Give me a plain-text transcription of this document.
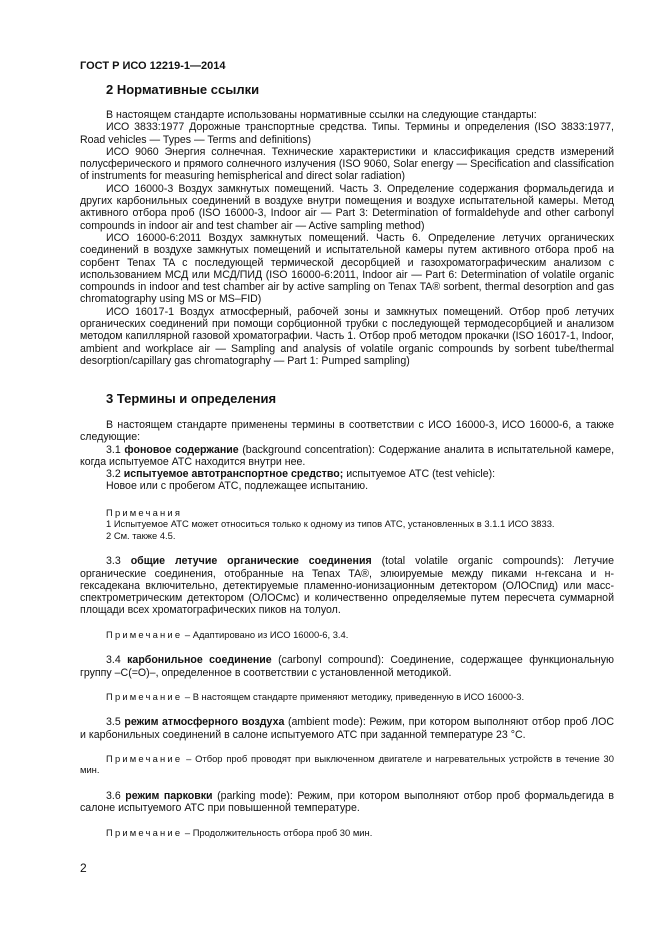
ГОСТ Р ИСО 12219-1—2014
2 Нормативные ссылки

В настоящем стандарте использованы нормативные ссылки на следующие стандарты:

ИСО 3833:1977 Дорожные транспортные средства. Типы. Термины и определения (ISO 3833:1977, Road vehicles — Types — Terms and definitions)

ИСО 9060 Энергия солнечная. Технические характеристики и классификация средств измерений полусферического и прямого солнечного излучения (ISO 9060, Solar energy — Specification and classification of instruments for measuring hemispherical and direct solar radiation)

ИСО 16000-3 Воздух замкнутых помещений. Часть 3. Определение содержания формальдегида и других карбонильных соединений в воздухе внутри помещения и воздухе испытательной камеры. Метод активного отбора проб (ISO 16000-3, Indoor air — Part 3: Determination of formaldehyde and other carbonyl compounds in indoor air and test chamber air — Active sampling method)

ИСО 16000-6:2011 Воздух замкнутых помещений. Часть 6. Определение летучих органических соединений в воздухе замкнутых помещений и испытательной камеры путем активного отбора проб на сорбент Tenax TA с последующей термической десорбцией и газохроматографическим анализом с использованием МСД или МСД/ПИД (ISO 16000-6:2011, Indoor air — Part 6: Determination of volatile organic compounds in indoor and test chamber air by active sampling on Tenax TA® sorbent, thermal desorption and gas chromatography using MS or MS–FID)

ИСО 16017-1 Воздух атмосферный, рабочей зоны и замкнутых помещений. Отбор проб летучих органических соединений при помощи сорбционной трубки с последующей термодесорбцией и анализом методом капиллярной газовой хроматографии. Часть 1. Отбор проб методом прокачки (ISO 16017-1, Indoor, ambient and workplace air — Sampling and analysis of volatile organic compounds by sorbent tube/thermal desorption/capillary gas chromatography — Part 1: Pumped sampling)

3 Термины и определения

В настоящем стандарте применены термины в соответствии с ИСО 16000-3, ИСО 16000-6, а также следующие:

3.1 фоновое содержание (background concentration): Содержание аналита в испытательной камере, когда испытуемое АТС находится внутри нее.

3.2 испытуемое автотранспортное средство; испытуемое АТС (test vehicle):

Новое или с пробегом АТС, подлежащее испытанию.

Примечания

1 Испытуемое АТС может относиться только к одному из типов АТС, установленных в 3.1.1 ИСО 3833.

2 См. также 4.5.

3.3 общие летучие органические соединения (total volatile organic compounds): Летучие органические соединения, отобранные на Tenax TA®, элюируемые между пиками н-гексана и н-гексадекана включительно, детектируемые пламенно-ионизационным детектором (ОЛОСпид) или масс-спектрометрическим детектором (ОЛОСмс) и количественно определяемые путем пересчета суммарной площади всех хроматографических пиков на толуол.

Примечание – Адаптировано из ИСО 16000-6, 3.4.

3.4 карбонильное соединение (carbonyl compound): Соединение, содержащее функциональную группу –C(=O)–, определенное в соответствии с установленной методикой.

Примечание – В настоящем стандарте применяют методику, приведенную в ИСО 16000-3.

3.5 режим атмосферного воздуха (ambient mode): Режим, при котором выполняют отбор проб ЛОС и карбонильных соединений в салоне испытуемого АТС при заданной температуре 23 °C.

Примечание – Отбор проб проводят при выключенном двигателе и нагревательных устройств в течение 30 мин.

3.6 режим парковки (parking mode): Режим, при котором выполняют отбор проб формальдегида в салоне испытуемого АТС при повышенной температуре.

Примечание – Продолжительность отбора проб 30 мин.

2
